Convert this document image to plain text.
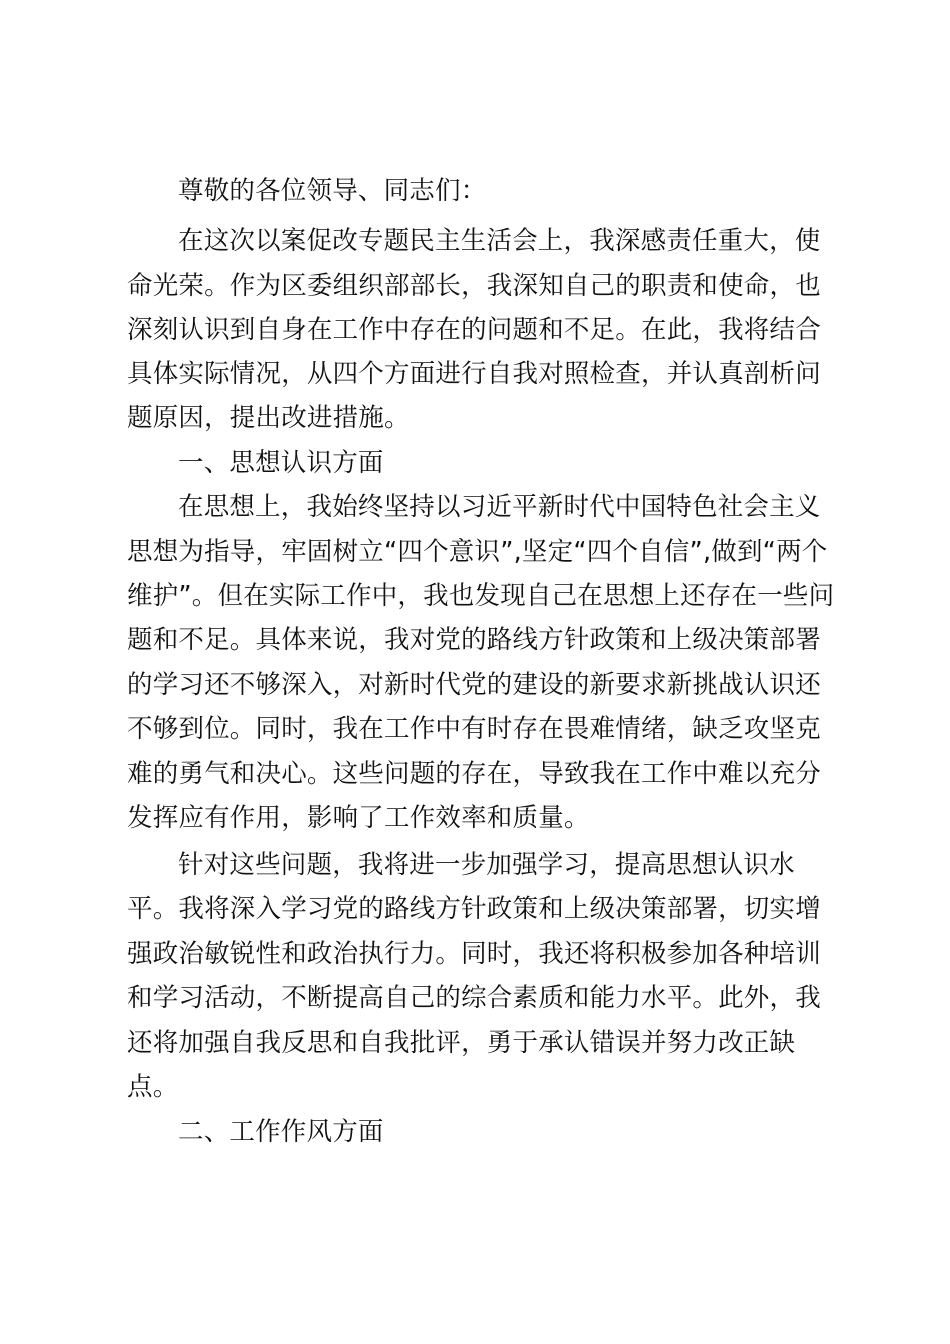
尊敬的各位领导、同志们：
在这次以案促改专题民主生活会上，我深感责任重大，使
命光荣。作为区委组织部部长，我深知自己的职责和使命，也
深刻认识到自身在工作中存在的问题和不足。在此，我将结合
具体实际情况，从四个方面进行自我对照检查，并认真剖析问
题原因，提出改进措施。
一、思想认识方面
在思想上，我始终坚持以习近平新时代中国特色社会主义
思想为指导，牢固树立“四个意识”,坚定“四个自信”,做到“两个
维护”。但在实际工作中，我也发现自己在思想上还存在一些问
题和不足。具体来说，我对党的路线方针政策和上级决策部署
的学习还不够深入，对新时代党的建设的新要求新挑战认识还
不够到位。同时，我在工作中有时存在畏难情绪，缺乏攻坚克
难的勇气和决心。这些问题的存在，导致我在工作中难以充分
发挥应有作用，影响了工作效率和质量。
针对这些问题，我将进一步加强学习，提高思想认识水
平。我将深入学习党的路线方针政策和上级决策部署，切实增
强政治敏锐性和政治执行力。同时，我还将积极参加各种培训
和学习活动，不断提高自己的综合素质和能力水平。此外，我
还将加强自我反思和自我批评，勇于承认错误并努力改正缺
点。
二、工作作风方面
